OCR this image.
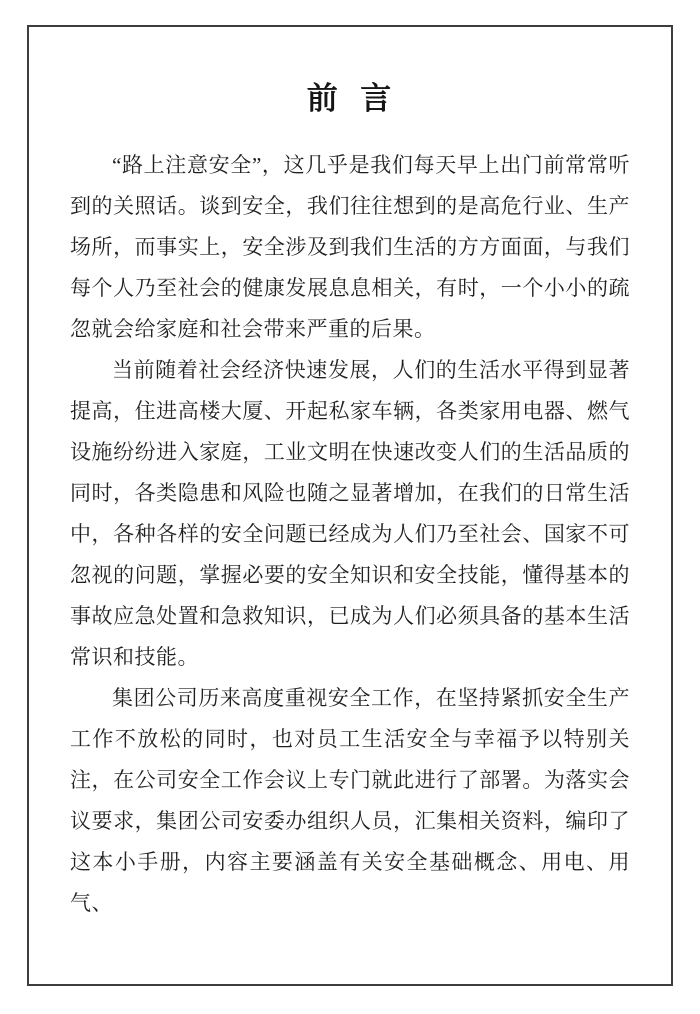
前 言

“路上注意安全”，这几乎是我们每天早上出门前常常听到的关照话。谈到安全，我们往往想到的是高危行业、生产场所，而事实上，安全涉及到我们生活的方方面面，与我们每个人乃至社会的健康发展息息相关，有时，一个小小的疏忽就会给家庭和社会带来严重的后果。

当前随着社会经济快速发展，人们的生活水平得到显著提高，住进高楼大厦、开起私家车辆，各类家用电器、燃气设施纷纷进入家庭，工业文明在快速改变人们的生活品质的同时，各类隐患和风险也随之显著增加，在我们的日常生活中，各种各样的安全问题已经成为人们乃至社会、国家不可忽视的问题，掌握必要的安全知识和安全技能，懂得基本的事故应急处置和急救知识，已成为人们必须具备的基本生活常识和技能。

集团公司历来高度重视安全工作，在坚持紧抓安全生产工作不放松的同时，也对员工生活安全与幸福予以特别关注，在公司安全工作会议上专门就此进行了部署。为落实会议要求，集团公司安委办组织人员，汇集相关资料，编印了这本小手册，内容主要涵盖有关安全基础概念、用电、用气、
